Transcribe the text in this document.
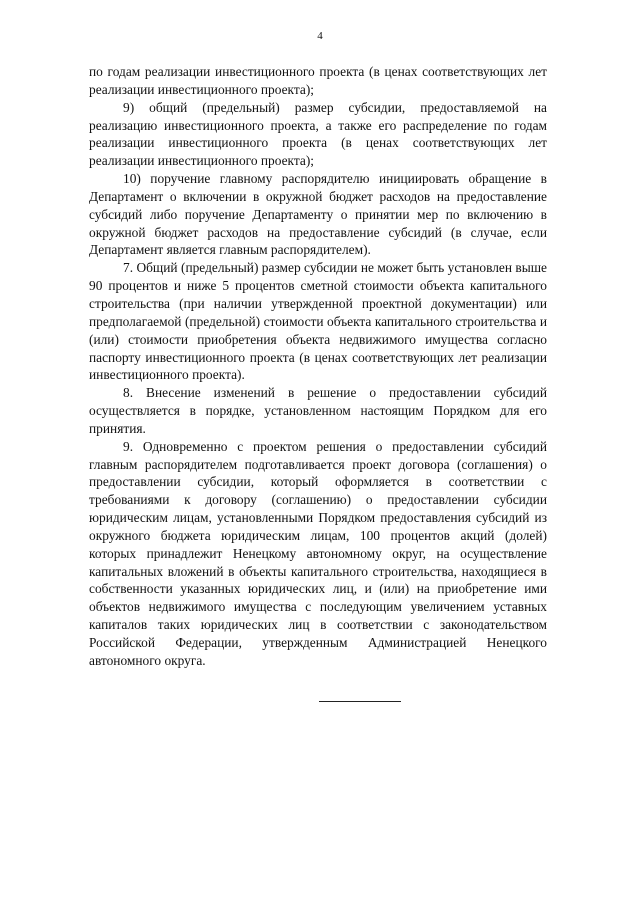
4

по годам реализации инвестиционного проекта (в ценах соответствующих лет реализации инвестиционного проекта);

9) общий (предельный) размер субсидии, предоставляемой на реализацию инвестиционного проекта, а также его распределение по годам реализации инвестиционного проекта (в ценах соответствующих лет реализации инвестиционного проекта);

10) поручение главному распорядителю инициировать обращение в Департамент о включении в окружной бюджет расходов на предоставление субсидий либо поручение Департаменту о принятии мер по включению в окружной бюджет расходов на предоставление субсидий (в случае, если Департамент является главным распорядителем).

7. Общий (предельный) размер субсидии не может быть установлен выше 90 процентов и ниже 5 процентов сметной стоимости объекта капитального строительства (при наличии утвержденной проектной документации) или предполагаемой (предельной) стоимости объекта капитального строительства и (или) стоимости приобретения объекта недвижимого имущества согласно паспорту инвестиционного проекта (в ценах соответствующих лет реализации инвестиционного проекта).

8. Внесение изменений в решение о предоставлении субсидий осуществляется в порядке, установленном настоящим Порядком для его принятия.

9. Одновременно с проектом решения о предоставлении субсидий главным распорядителем подготавливается проект договора (соглашения) о предоставлении субсидии, который оформляется в соответствии с требованиями к договору (соглашению) о предоставлении субсидии юридическим лицам, установленными Порядком предоставления субсидий из окружного бюджета юридическим лицам, 100 процентов акций (долей) которых принадлежит Ненецкому автономному округ, на осуществление капитальных вложений в объекты капитального строительства, находящиеся в собственности указанных юридических лиц, и (или) на приобретение ими объектов недвижимого имущества с последующим увеличением уставных капиталов таких юридических лиц в соответствии с законодательством Российской Федерации, утвержденным Администрацией Ненецкого автономного округа.
